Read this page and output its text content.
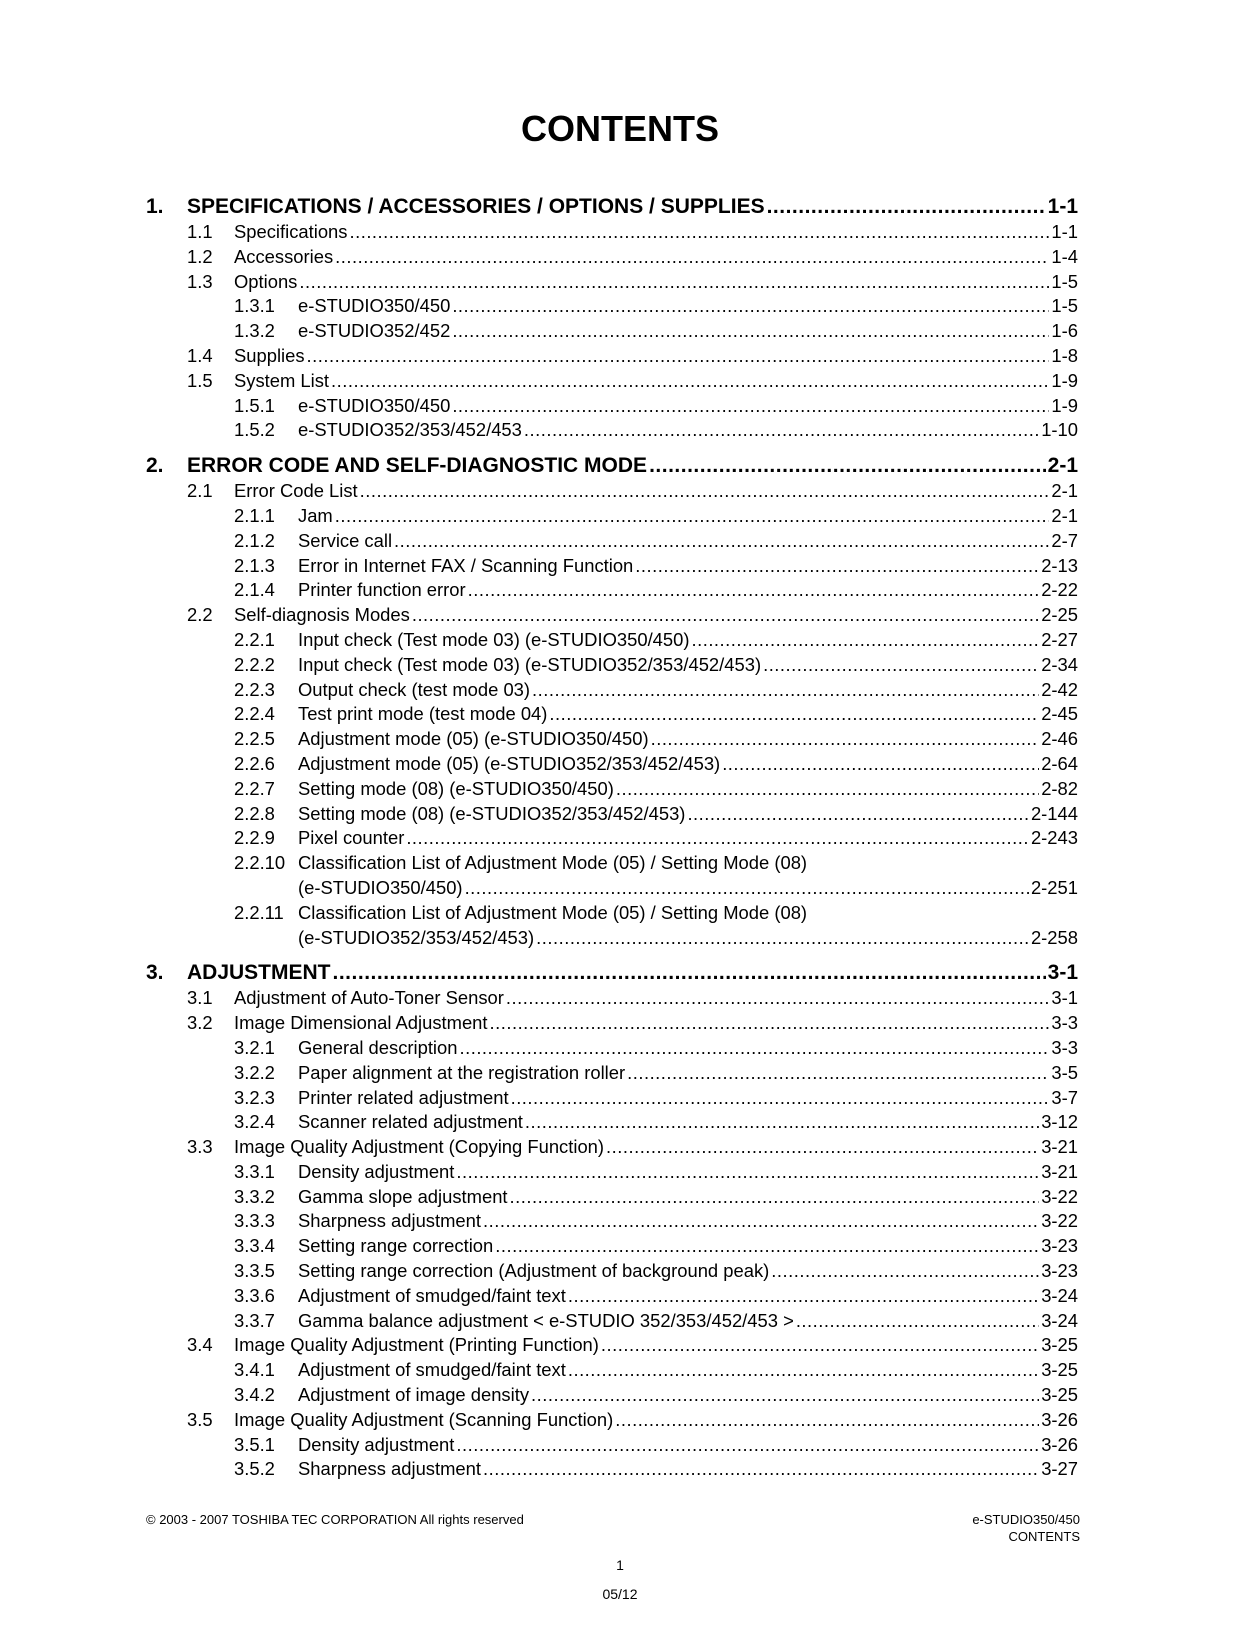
CONTENTS
1. SPECIFICATIONS / ACCESSORIES / OPTIONS / SUPPLIES .....	1-1
1.1 Specifications .....	1-1
1.2 Accessories .....	1-4
1.3 Options .....	1-5
1.3.1 e-STUDIO350/450 .....	1-5
1.3.2 e-STUDIO352/452 .....	1-6
1.4 Supplies .....	1-8
1.5 System List .....	1-9
1.5.1 e-STUDIO350/450 .....	1-9
1.5.2 e-STUDIO352/353/452/453 .....	1-10
2. ERROR CODE AND SELF-DIAGNOSTIC MODE .....	2-1
2.1 Error Code List .....	2-1
2.1.1 Jam .....	2-1
2.1.2 Service call .....	2-7
2.1.3 Error in Internet FAX / Scanning Function .....	2-13
2.1.4 Printer function error .....	2-22
2.2 Self-diagnosis Modes .....	2-25
2.2.1 Input check (Test mode 03) (e-STUDIO350/450) .....	2-27
2.2.2 Input check (Test mode 03) (e-STUDIO352/353/452/453) .....	2-34
2.2.3 Output check (test mode 03) .....	2-42
2.2.4 Test print mode (test mode 04) .....	2-45
2.2.5 Adjustment mode (05) (e-STUDIO350/450) .....	2-46
2.2.6 Adjustment mode (05) (e-STUDIO352/353/452/453) .....	2-64
2.2.7 Setting mode (08) (e-STUDIO350/450) .....	2-82
2.2.8 Setting mode (08) (e-STUDIO352/353/452/453) .....	2-144
2.2.9 Pixel counter .....	2-243
2.2.10 Classification List of Adjustment Mode (05) / Setting Mode (08)
(e-STUDIO350/450) .....	2-251
2.2.11 Classification List of Adjustment Mode (05) / Setting Mode (08)
(e-STUDIO352/353/452/453) .....	2-258
3. ADJUSTMENT .....	3-1
3.1 Adjustment of Auto-Toner Sensor .....	3-1
3.2 Image Dimensional Adjustment .....	3-3
3.2.1 General description .....	3-3
3.2.2 Paper alignment at the registration roller .....	3-5
3.2.3 Printer related adjustment .....	3-7
3.2.4 Scanner related adjustment .....	3-12
3.3 Image Quality Adjustment (Copying Function) .....	3-21
3.3.1 Density adjustment .....	3-21
3.3.2 Gamma slope adjustment .....	3-22
3.3.3 Sharpness adjustment .....	3-22
3.3.4 Setting range correction .....	3-23
3.3.5 Setting range correction (Adjustment of background peak) .....	3-23
3.3.6 Adjustment of smudged/faint text .....	3-24
3.3.7 Gamma balance adjustment < e-STUDIO 352/353/452/453 > .....	3-24
3.4 Image Quality Adjustment (Printing Function) .....	3-25
3.4.1 Adjustment of smudged/faint text .....	3-25
3.4.2 Adjustment of image density .....	3-25
3.5 Image Quality Adjustment (Scanning Function) .....	3-26
3.5.1 Density adjustment .....	3-26
3.5.2 Sharpness adjustment .....	3-27
© 2003 - 2007 TOSHIBA TEC CORPORATION All rights reserved	e-STUDIO350/450
CONTENTS
1
05/12
